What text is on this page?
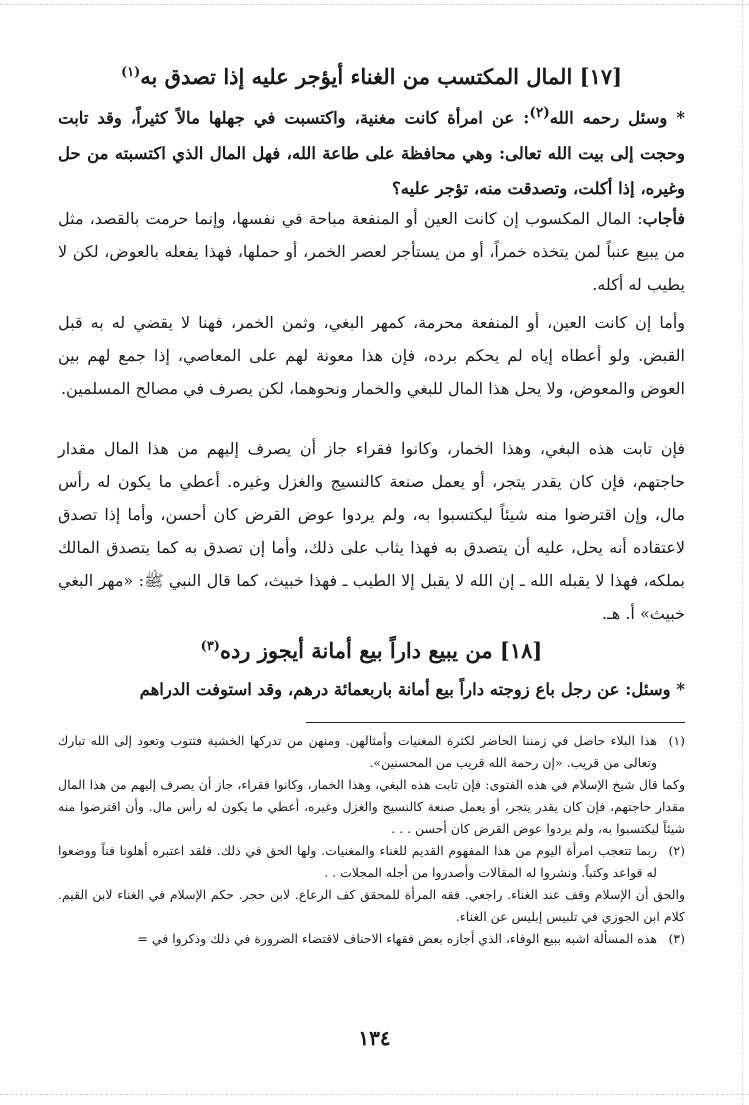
[١٧] المال المكتسب من الغناء أيؤجر عليه إذا تصدق به$^{(١)}$
* وسئل رحمه الله$^{(٢)}$: عن امرأة كانت مغنية، واكتسبت في جهلها مالاً كثيراً، وقد تابت وحجت إلى بيت الله تعالى: وهي محافظة على طاعة الله، فهل المال الذي اكتسبته من حل وغيره، إذا أكلت، وتصدقت منه، تؤجر عليه؟
فأجاب: المال المكسوب إن كانت العين أو المنفعة مباحة في نفسها، وإنما حرمت بالقصد، مثل من يبيع عنباً لمن يتخذه خمراً، أو من يستأجر لعصر الخمر، أو حملها، فهذا يفعله بالعوض، لكن لا يطيب له أكله.
وأما إن كانت العين، أو المنفعة محرمة، كمهر البغي، وثمن الخمر، فهنا لا يقضي له به قبل القبض. ولو أعطاه إياه لم يحكم برده، فإن هذا معونة لهم على المعاصي، إذا جمع لهم بين العوض والمعوض، ولا يحل هذا المال للبغي والخمار ونحوهما، لكن يصرف في مصالح المسلمين.
فإن تابت هذه البغي، وهذا الخمار، وكانوا فقراء جاز أن يصرف إليهم من هذا المال مقدار حاجتهم، فإن كان يقدر يتجر، أو يعمل صنعة كالنسيج والغزل وغيره. أعطي ما يكون له رأس مال، وإن اقترضوا منه شيئاً ليكتسبوا به، ولم يردوا عوض القرض كان أحسن، وأما إذا تصدق لاعتقاده أنه يحل، عليه أن يتصدق به فهذا يثاب على ذلك، وأما إن تصدق به كما يتصدق المالك بملكه، فهذا لا يقبله الله ـ إن الله لا يقبل إلا الطيب ـ فهذا خبيث، كما قال النبي ﷺ: «مهر البغي خبيث» أ. هـ.
[١٨] من يبيع داراً بيع أمانة أيجوز رده$^{(٣)}$
* وسئل: عن رجل باع زوجته داراً بيع أمانة باربعمائة درهم، وقد استوفت الدراهم
(١)
هذا البلاء حاصل في زمننا الحاضر لكثرة المغنيات وأمثالهن. ومنهن من تدركها الخشية فتتوب وتعود إلى الله تبارك وتعالى من قريب. «إن رحمة الله قريب من المحسنين».
وكما قال شيخ الإسلام في هذه الفتوى: فإن تابت هذه البغي، وهذا الخمار، وكانوا فقراء، جاز أن يصرف إليهم من هذا المال مقدار حاجتهم، فإن كان يقدر يتجر، أو يعمل صنعة كالنسيج والغزل وغيره، أعطي ما يكون له رأس مال. وأن اقترضوا منه شيئاً ليكتسبوا به، ولم يردوا عوض القرض كان أحسن . . .
(٢)
ربما تتعجب امرأة اليوم من هذا المفهوم القديم للغناء والمغنيات. ولها الحق في ذلك. فلقد اعتبره أهلونا فناً ووضعوا له قواعد وكتباً. ونشروا له المقالات وأصدروا من أجله المجلات . .
والحق أن الإسلام وقف عند الغناء. راجعي. فقه المرأة للمحقق كف الرعاع. لابن حجر. حكم الإسلام في الغناء لابن القيم. كلام ابن الجوزي في تلبيس إبليس عن الغناء.
(٣)
هذه المسألة اشبه ببيع الوفاء، الذي أجازه بعض فقهاء الاحناف لاقتضاء الضرورة في ذلك وذكروا في =
١٣٤
